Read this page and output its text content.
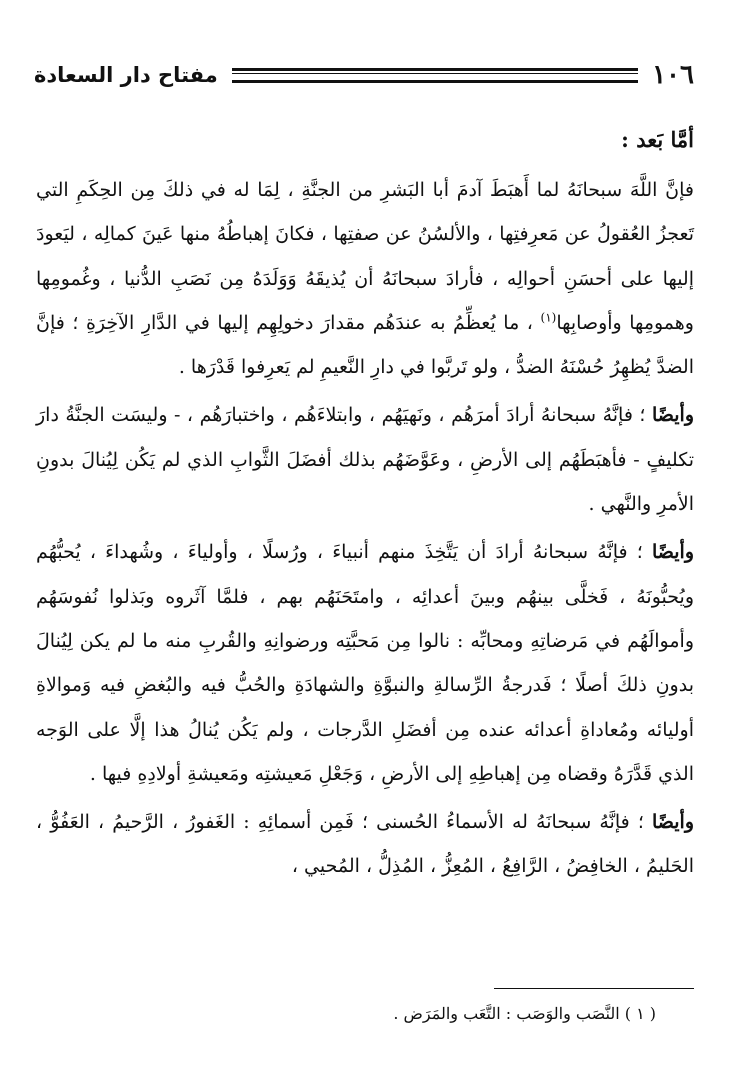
١٠٦
مفتاح دار السعادة
أمَّا بَعد :

فإنَّ اللَّهَ سبحانَهُ لما أَهبَطَ آدمَ أبا البَشرِ من الجنَّةِ ، لِمَا له في ذلكَ مِن الحِكَمِ التي تَعجزُ العُقولُ عن مَعرِفتِها ، والألسُنُ عن صفتِها ، فكانَ إهباطُهُ منها عَينَ كمالِه ، ليَعودَ إليها على أحسَنِ أحوالِه ، فأرادَ سبحانَهُ أن يُذيقَهُ وَوَلَدَهُ مِن نَصَبِ الدُّنيا ، وغُمومِها وهمومِها وأوصابِها$^{(١)}$ ، ما يُعظِّمُ به عندَهُم مقدارَ دخولِهِم إليها في الدَّارِ الآخِرَةِ ؛ فإنَّ الضدَّ يُظهِرُ حُسْنَهُ الضدُّ ، ولو تَربَّوا في دارِ النَّعيمِ لم يَعرِفوا قَدْرَها .

وأيضًا ؛ فإنَّهُ سبحانهُ أرادَ أمرَهُم ، ونَهيَهُم ، وابتلاءَهُم ، واختبارَهُم ، - وليسَت الجنَّةُ دارَ تكليفٍ - فأهبَطَهُم إلى الأرضِ ، وعَوَّضَهُم بذلك أفضَلَ الثَّوابِ الذي لم يَكُن لِيُنالَ بدونِ الأمرِ والنَّهي .

وأيضًا ؛ فإنَّهُ سبحانهُ أرادَ أن يَتَّخِذَ منهم أنبياءَ ، ورُسلًا ، وأولياءَ ، وشُهداءَ ، يُحبُّهُم ويُحبُّونَهُ ، فَخلَّى بينهُم وبينَ أعدائِه ، وامتَحَنَهُم بهم ، فلمَّا آثَروه وبَذلوا نُفوسَهُم وأموالَهُم في مَرضاتِهِ ومحابِّه : نالوا مِن مَحبَّتِه ورضوانِهِ والقُربِ منه ما لم يكن لِيُنالَ بدونِ ذلكَ أصلًا ؛ فَدرجةُ الرِّسالةِ والنبوَّةِ والشهادَةِ والحُبُّ فيه والبُغضِ فيه وَموالاةِ أوليائه ومُعاداةِ أعدائه عنده مِن أفضَلِ الدَّرجات ، ولم يَكُن يُنالُ هذا إلَّا على الوَجه الذي قَدَّرَهُ وقضاه مِن إهباطِهِ إلى الأرضِ ، وَجَعْلِ مَعيشتِه ومَعيشةِ أولادِهِ فيها .

وأيضًا ؛ فإنَّهُ سبحانَهُ له الأسماءُ الحُسنى ؛ فَمِن أسمائِهِ : الغَفورُ ، الرَّحيمُ ، العَفُوُّ ، الحَليمُ ، الخافِضُ ، الرَّافِعُ ، المُعِزُّ ، المُذِلُّ ، المُحيي ،

( ١ ) النَّصَب والوَصَب : التَّعَب والمَرَض .
